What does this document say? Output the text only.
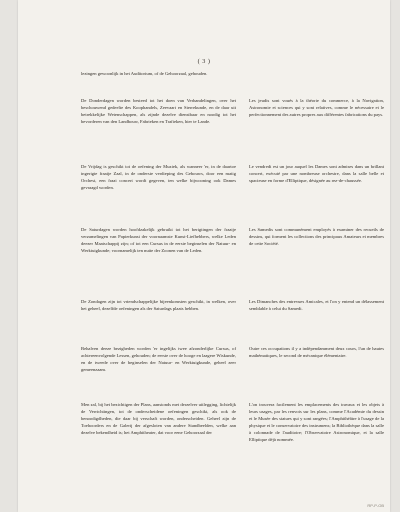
( 3 )

lezingen gewoonlijk in het Auditorium, of de Gehoorzaal, gehouden.

De Donderdagen worden besteed tot het doen van Verhandelingen, over het beschouwend gedeelte des Koophandels, Zeevaart en Sterrekunde, en de daar uit betrekkelijke Wetenschappen, als zijnde dezelve dienstbaar en noodig tot het bevorderen van den Landbouw, Fabrieken en Trafieken, hier te Lande.

De Vrijdag is geschikt tot de oefening der Muziek, als wanneer 'er, in de daartoe ingerigte fraaije Zaal, in de onderste verdieping des Gebouws, door een matig Orchest, een fraai concert wordt gegeven, ten welke bijwooning ook Dames gevraagd worden.

De Saturdagen worden hoofdzakelijk gebruikt tot het berigtingen der fraaije verzamelingen van Papierkunst der voornaamste Kunst-Liefhebbers, welke Leden deezer Maatschappij zijn; of tot een Cursus in de eerste beginselen der Natuur- en Werktuigkunde; voornamelijk ten nutte der Zoonen van de Leden.

De Zondagen zijn tot vriendschappelijke bijeenkomsten geschikt, in welken, over het geheel, dezelfde oefeningen als der Saturdags plaats hebben.

Behalven deeze bezigheden worden 'er ingelijks twee afzonderlijke Cursus, of achtereenvolgende Lessen, gehouden; de eerste over de hooge en laagere Wiskunde, en de tweede over de beginselen der Natuur- en Werktuigkunde, geheel zeer gemeenzaam.

Men zal, bij het bezichtigen der Plans, aanstonds met derzelver uitlegging, lichtelijk de Verrichtingen, tot de onderscheidene oefeningen geschikt, als ook de benoodigdheden, die daar bij verschaft worden, onderscheiden. Geheel zijn de Toehoorders en de Galerij der afgesloten van andere Standbeelden, welke aan dezelve bekendheid is; het Amphitheater, dat voor eene Gehoorzaal der

Les jeudis sont voués à la théorie du commerce, à la Navigation, Astronomie et sciences qui y sont relatives, comme le nécessaire et le perfectionnement des autres propres aux différentes fabrications du pays.

Le vendredi est un jour auquel les Dames sont admises dans un brillant concert, exécuté par une nombreuse orchestre, dans la salle belle et spacieuse en forme d'Elliptique, désignée au rez-de-chaussée.

Les Samedis sont communément employés à examiner des recueils de dessins, qui forment les collections des principaux Amateurs et membres de cette Société.

Les Dimanches des entrevues Amicales, et l'on y entend un délassement semblable à celui du Samedi.

Outre ces occupations il y a indépendamment deux cours, l'un de hautes mathématiques, le second de mécanique élémentaire.

L'on trouvera facilement les emplacements des travaux et les objets à leurs usages, par les renvois sur les plans, comme l'Académie du dessin et le Musée des statues qui y sont rangées; l'Amphithéâtre à l'usage de la physique et le conservatoire des instrumens; la Bibliothèque dans la salle à colonnade de l'auditoire; l'Observatoire Astronomique, et la salle Elliptique déjà nommée.

RP-P-OB
